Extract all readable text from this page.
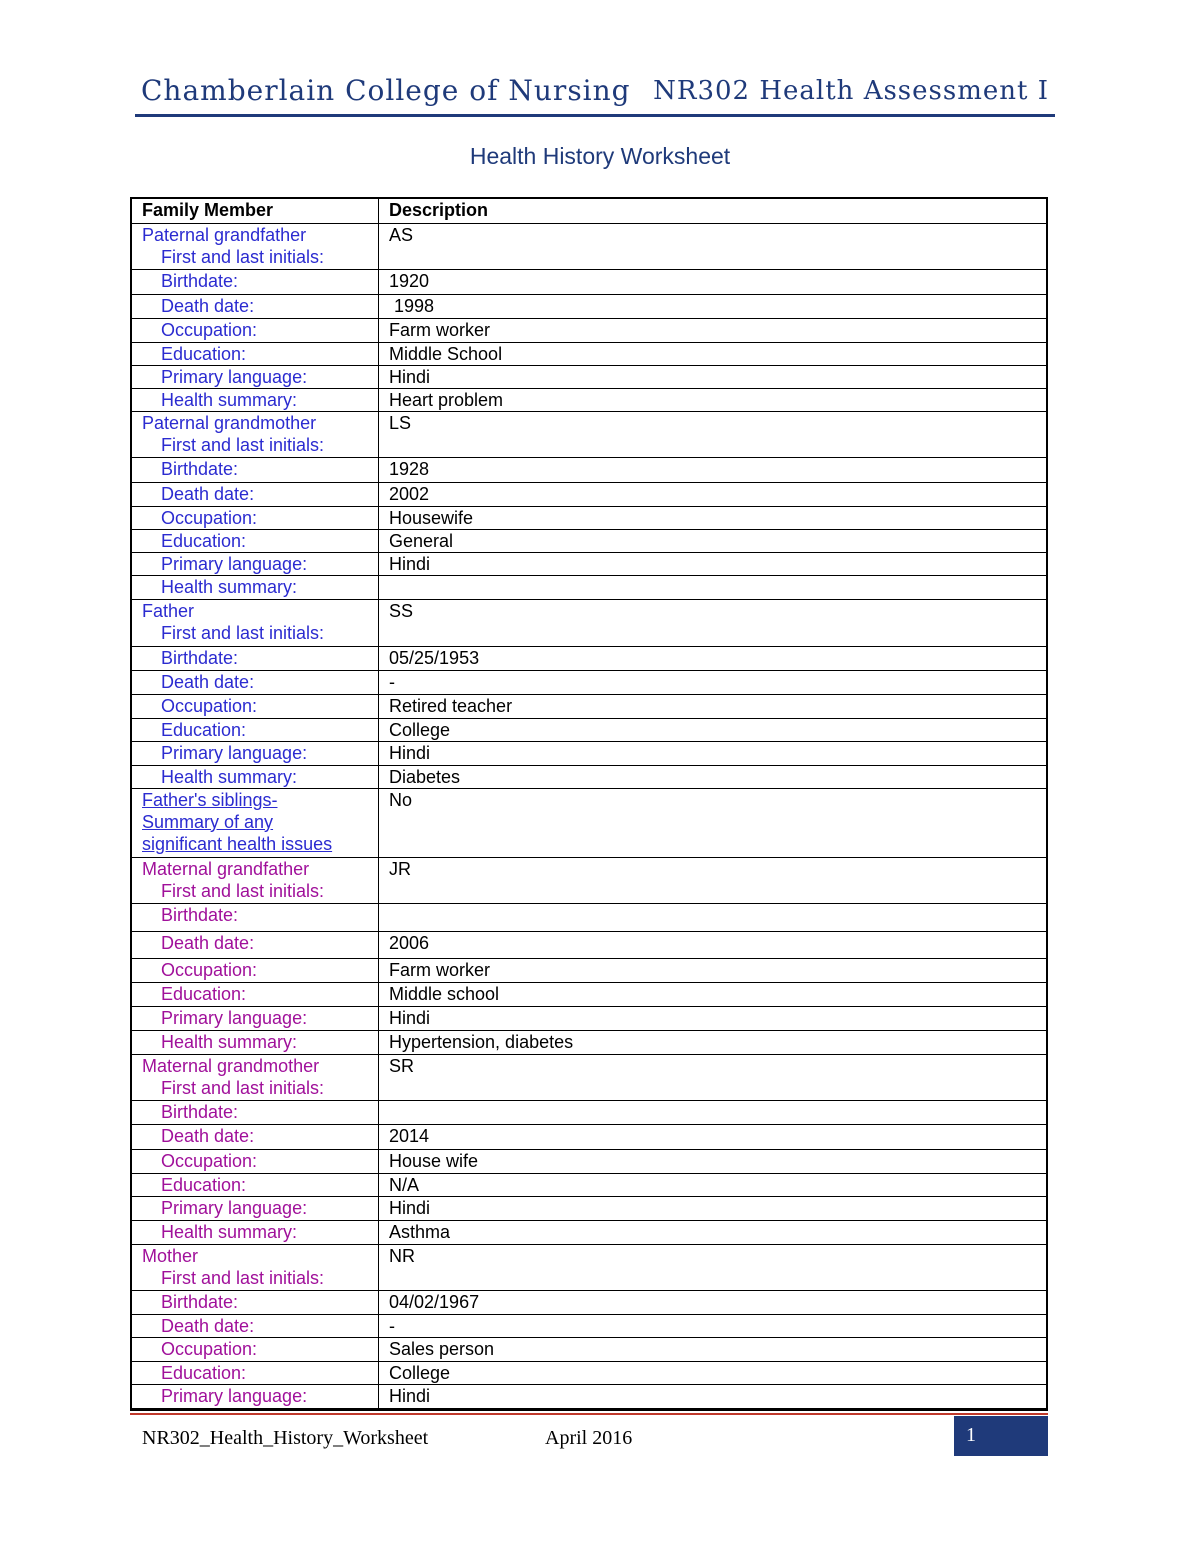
Chamberlain College of Nursing NR302 Health Assessment I
Health History Worksheet
Family Member	Description

Paternal grandfather
First and last initials:	AS

Birthdate:	1920

Death date:	1998

Occupation:	Farm worker

Education:	Middle School

Primary language:	Hindi

Health summary:	Heart problem

Paternal grandmother
First and last initials:	LS

Birthdate:	1928

Death date:	2002

Occupation:	Housewife

Education:	General

Primary language:	Hindi

Health summary:	

Father
First and last initials:	SS

Birthdate:	05/25/1953

Death date:	-

Occupation:	Retired teacher

Education:	College

Primary language:	Hindi

Health summary:	Diabetes

Father's siblings-
Summary of any
significant health issues	No

Maternal grandfather
First and last initials:	JR

Birthdate:	

Death date:	2006

Occupation:	Farm worker

Education:	Middle school

Primary language:	Hindi

Health summary:	Hypertension, diabetes

Maternal grandmother
First and last initials:	SR

Birthdate:	

Death date:	2014

Occupation:	House wife

Education:	N/A

Primary language:	Hindi

Health summary:	Asthma

Mother
First and last initials:	NR

Birthdate:	04/02/1967

Death date:	-

Occupation:	Sales person

Education:	College

Primary language:	Hindi
NR302_Health_History_Worksheet	April 2016	1
